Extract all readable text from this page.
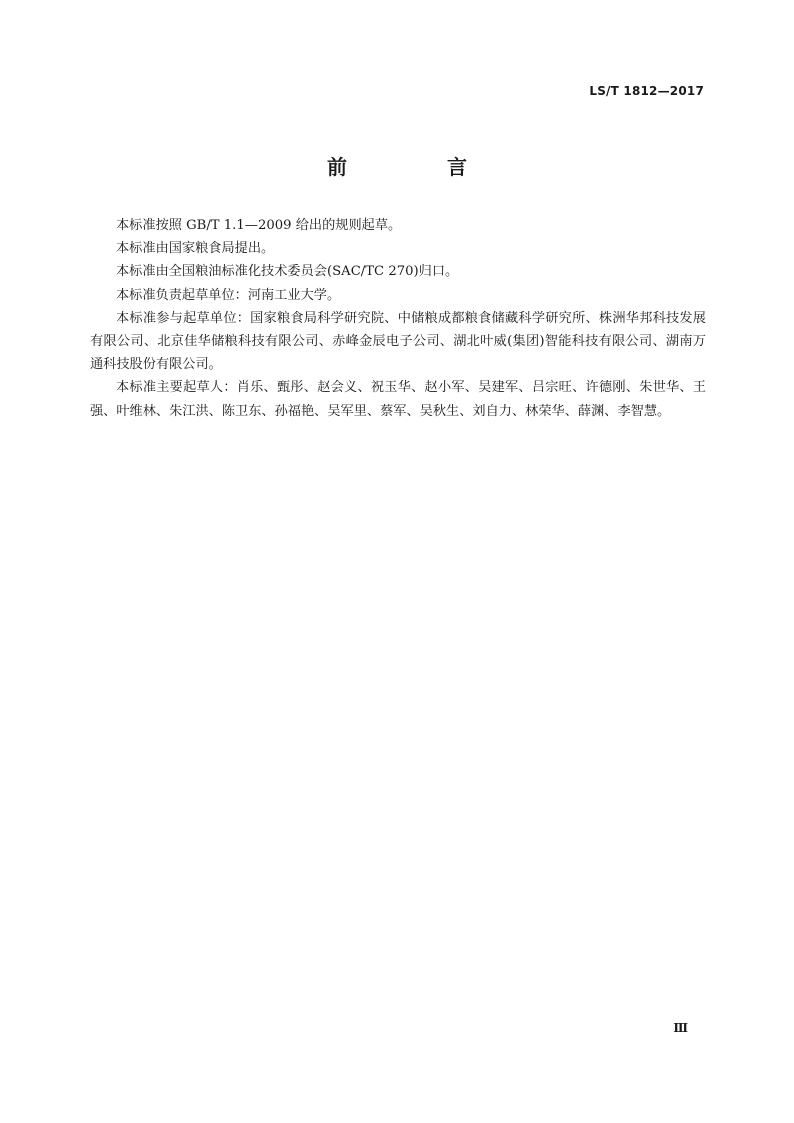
LS/T 1812—2017
前　言

本标准按照 GB/T 1.1—2009 给出的规则起草。

本标准由国家粮食局提出。

本标准由全国粮油标准化技术委员会(SAC/TC 270)归口。

本标准负责起草单位：河南工业大学。

本标准参与起草单位：国家粮食局科学研究院、中储粮成都粮食储藏科学研究所、株洲华邦科技发展有限公司、北京佳华储粮科技有限公司、赤峰金辰电子公司、湖北叶威(集团)智能科技有限公司、湖南万通科技股份有限公司。

本标准主要起草人：肖乐、甄彤、赵会义、祝玉华、赵小军、吴建军、吕宗旺、许德刚、朱世华、王强、叶维林、朱江洪、陈卫东、孙福艳、吴军里、蔡军、吴秋生、刘自力、林荣华、薛渊、李智慧。

Ⅲ
